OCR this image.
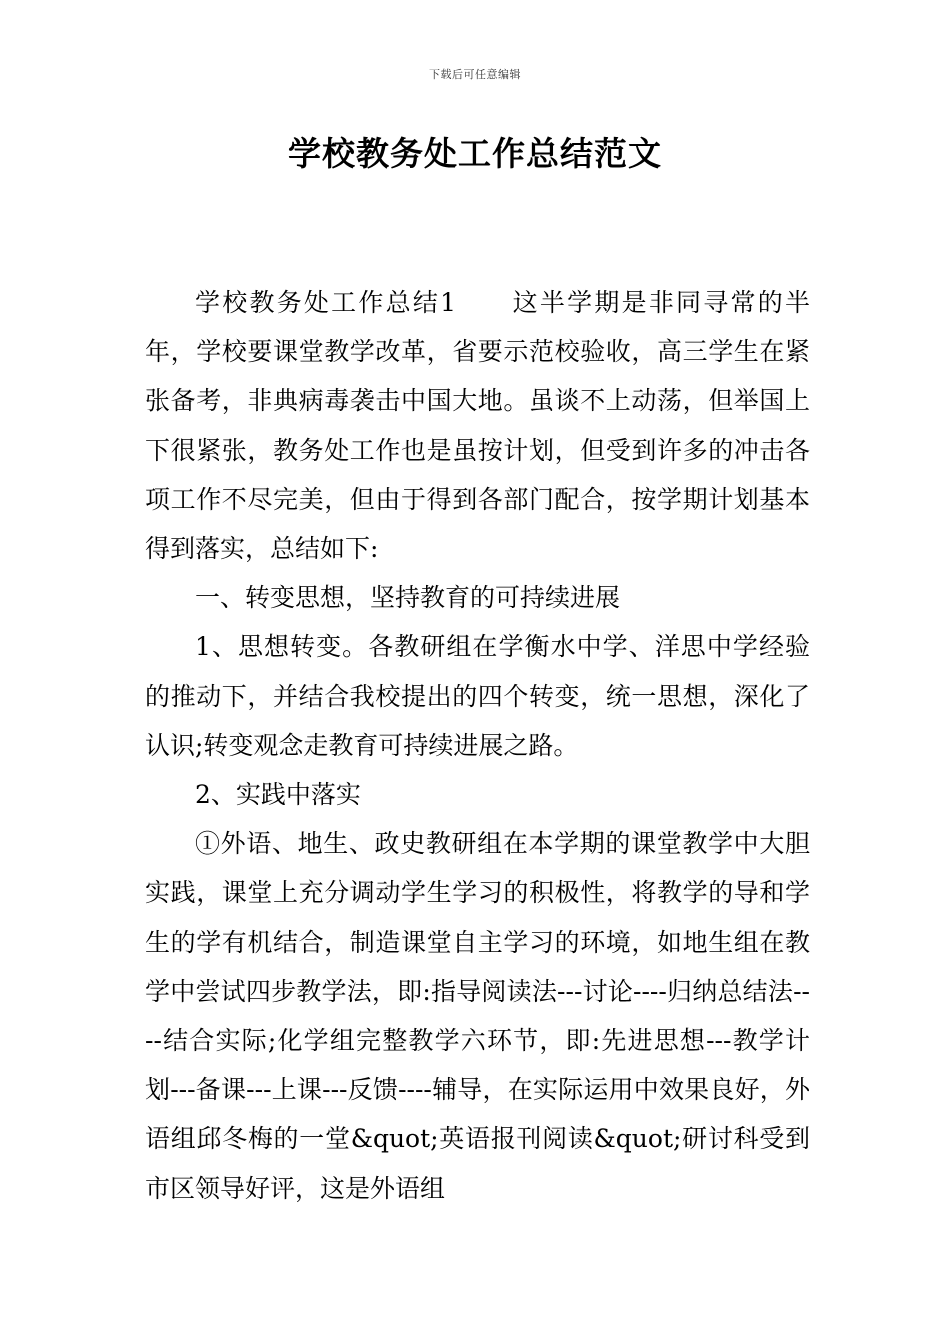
下载后可任意编辑
学校教务处工作总结范文

学校教务处工作总结1　　这半学期是非同寻常的半年，学校要课堂教学改革，省要示范校验收，高三学生在紧张备考，非典病毒袭击中国大地。虽谈不上动荡，但举国上下很紧张，教务处工作也是虽按计划，但受到许多的冲击各项工作不尽完美，但由于得到各部门配合，按学期计划基本得到落实，总结如下:

一、转变思想，坚持教育的可持续进展

1、思想转变。各教研组在学衡水中学、洋思中学经验的推动下，并结合我校提出的四个转变，统一思想，深化了认识;转变观念走教育可持续进展之路。

2、实践中落实

①外语、地生、政史教研组在本学期的课堂教学中大胆实践，课堂上充分调动学生学习的积极性，将教学的导和学生的学有机结合，制造课堂自主学习的环境，如地生组在教学中尝试四步教学法，即:指导阅读法---讨论----归纳总结法----结合实际;化学组完整教学六环节，即:先进思想---教学计划---备课---上课---反馈----辅导，在实际运用中效果良好，外语组邱冬梅的一堂&quot;英语报刊阅读&quot;研讨科受到市区领导好评，这是外语组
